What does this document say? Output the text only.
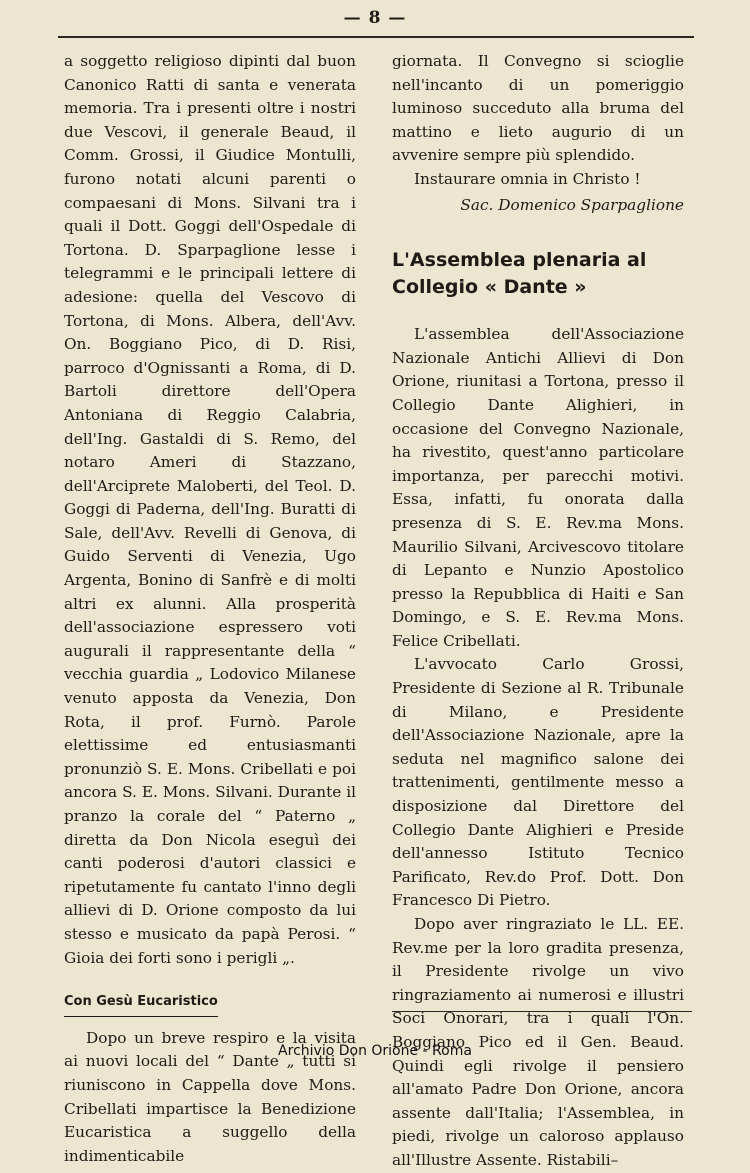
— 8 —

a soggetto religioso dipinti dal buon Canonico Ratti di santa e venerata memoria. Tra i presenti oltre i nostri due Vescovi, il generale Beaud, il Comm. Grossi, il Giudice Montulli, furono notati alcuni parenti o compaesani di Mons. Silvani tra i quali il Dott. Goggi dell'Ospedale di Tortona. D. Sparpaglione lesse i telegrammi e le principali lettere di adesione: quella del Vescovo di Tortona, di Mons. Albera, dell'Avv. On. Boggiano Pico, di D. Risi, parroco d'Ognissanti a Roma, di D. Bartoli direttore dell'Opera Antoniana di Reggio Calabria, dell'Ing. Gastaldi di S. Remo, del notaro Ameri di Stazzano, dell'Arciprete Maloberti, del Teol. D. Goggi di Paderna, dell'Ing. Buratti di Sale, dell'Avv. Revelli di Genova, di Guido Serventi di Venezia, Ugo Argenta, Bonino di Sanfrè e di molti altri ex alunni. Alla prosperità dell'associazione espressero voti augurali il rappresentante della “ vecchia guardia „ Lodovico Milanese venuto apposta da Venezia, Don Rota, il prof. Furnò. Parole elettissime ed entusiasmanti pronunziò S. E. Mons. Cribellati e poi ancora S. E. Mons. Silvani. Durante il pranzo la corale del “ Paterno „ diretta da Don Nicola eseguì dei canti poderosi d'autori classici e ripetutamente fu cantato l'inno degli allievi di D. Orione composto da lui stesso e musicato da papà Perosi. “ Gioia dei forti sono i perigli „.

Con Gesù Eucaristico

Dopo un breve respiro e la visita ai nuovi locali del “ Dante „ tutti si riuniscono in Cappella dove Mons. Cribellati impartisce la Benedizione Eucaristica a suggello della indimenticabile

giornata. Il Convegno si scioglie nell'incanto di un pomeriggio luminoso succeduto alla bruma del mattino e lieto augurio di un avvenire sempre più splendido.

Instaurare omnia in Christo !

Sac. Domenico Sparpaglione

L'Assemblea plenaria al Collegio « Dante »

L'assemblea dell'Associazione Nazionale Antichi Allievi di Don Orione, riunitasi a Tortona, presso il Collegio Dante Alighieri, in occasione del Convegno Nazionale, ha rivestito, quest'anno particolare importanza, per parecchi motivi. Essa, infatti, fu onorata dalla presenza di S. E. Rev.ma Mons. Maurilio Silvani, Arcivescovo titolare di Lepanto e Nunzio Apostolico presso la Repubblica di Haiti e San Domingo, e S. E. Rev.ma Mons. Felice Cribellati.

L'avvocato Carlo Grossi, Presidente di Sezione al R. Tribunale di Milano, e Presidente dell'Associazione Nazionale, apre la seduta nel magnifico salone dei trattenimenti, gentilmente messo a disposizione dal Direttore del Collegio Dante Alighieri e Preside dell'annesso Istituto Tecnico Parificato, Rev.do Prof. Dott. Don Francesco Di Pietro.

Dopo aver ringraziato le LL. EE. Rev.me per la loro gradita presenza, il Presidente rivolge un vivo ringraziamento ai numerosi e illustri Soci Onorari, tra i quali l'On. Boggiano Pico ed il Gen. Beaud. Quindi egli rivolge il pensiero all'amato Padre Don Orione, ancora assente dall'Italia; l'Assemblea, in piedi, rivolge un caloroso applauso all'Illustre Assente. Ristabili–

Archivio Don Orione - Roma
